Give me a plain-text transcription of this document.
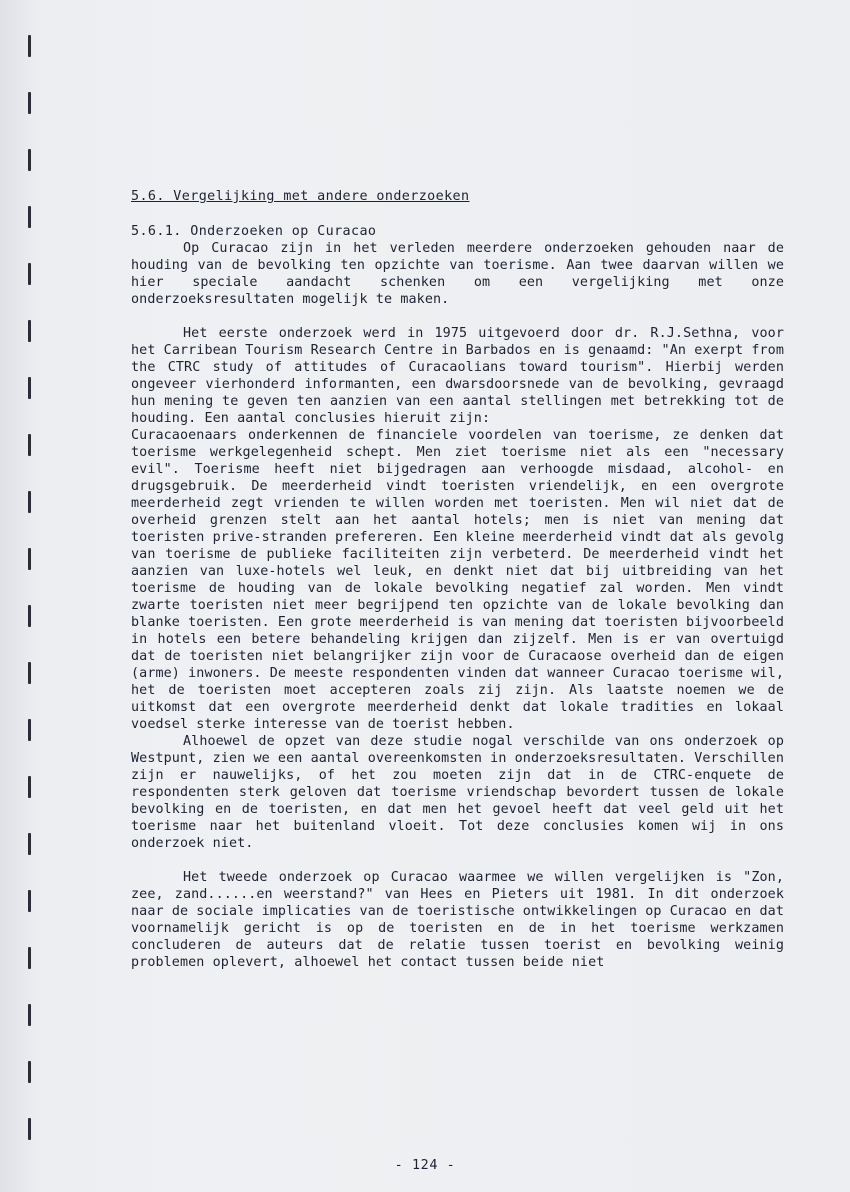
5.6. Vergelijking met andere onderzoeken
5.6.1. Onderzoeken op Curacao

Op Curacao zijn in het verleden meerdere onderzoeken gehouden naar de houding van de bevolking ten opzichte van toerisme. Aan twee daarvan willen we hier speciale aandacht schenken om een vergelijking met onze onderzoeksresultaten mogelijk te maken.

Het eerste onderzoek werd in 1975 uitgevoerd door dr. R.J.Sethna, voor het Carribean Tourism Research Centre in Barbados en is genaamd: "An exerpt from the CTRC study of attitudes of Curacaolians toward tourism". Hierbij werden ongeveer vierhonderd informanten, een dwarsdoorsnede van de bevolking, gevraagd hun mening te geven ten aanzien van een aantal stellingen met betrekking tot de houding. Een aantal conclusies hieruit zijn:

Curacaoenaars onderkennen de financiele voordelen van toerisme, ze denken dat toerisme werkgelegenheid schept. Men ziet toerisme niet als een "necessary evil". Toerisme heeft niet bijgedragen aan verhoogde misdaad, alcohol- en drugsgebruik. De meerderheid vindt toeristen vriendelijk, en een overgrote meerderheid zegt vrienden te willen worden met toeristen. Men wil niet dat de overheid grenzen stelt aan het aantal hotels; men is niet van mening dat toeristen prive-stranden prefereren. Een kleine meerderheid vindt dat als gevolg van toerisme de publieke faciliteiten zijn verbeterd. De meerderheid vindt het aanzien van luxe-hotels wel leuk, en denkt niet dat bij uitbreiding van het toerisme de houding van de lokale bevolking negatief zal worden. Men vindt zwarte toeristen niet meer begrijpend ten opzichte van de lokale bevolking dan blanke toeristen. Een grote meerderheid is van mening dat toeristen bijvoorbeeld in hotels een betere behandeling krijgen dan zijzelf. Men is er van overtuigd dat de toeristen niet belangrijker zijn voor de Curacaose overheid dan de eigen (arme) inwoners. De meeste respondenten vinden dat wanneer Curacao toerisme wil, het de toeristen moet accepteren zoals zij zijn. Als laatste noemen we de uitkomst dat een overgrote meerderheid denkt dat lokale tradities en lokaal voedsel sterke interesse van de toerist hebben.

Alhoewel de opzet van deze studie nogal verschilde van ons onderzoek op Westpunt, zien we een aantal overeenkomsten in onderzoeksresultaten. Verschillen zijn er nauwelijks, of het zou moeten zijn dat in de CTRC-enquete de respondenten sterk geloven dat toerisme vriendschap bevordert tussen de lokale bevolking en de toeristen, en dat men het gevoel heeft dat veel geld uit het toerisme naar het buitenland vloeit. Tot deze conclusies komen wij in ons onderzoek niet.

Het tweede onderzoek op Curacao waarmee we willen vergelijken is "Zon, zee, zand......en weerstand?" van Hees en Pieters uit 1981. In dit onderzoek naar de sociale implicaties van de toeristische ontwikkelingen op Curacao en dat voornamelijk gericht is op de toeristen en de in het toerisme werkzamen concluderen de auteurs dat de relatie tussen toerist en bevolking weinig problemen oplevert, alhoewel het contact tussen beide niet

- 124 -
